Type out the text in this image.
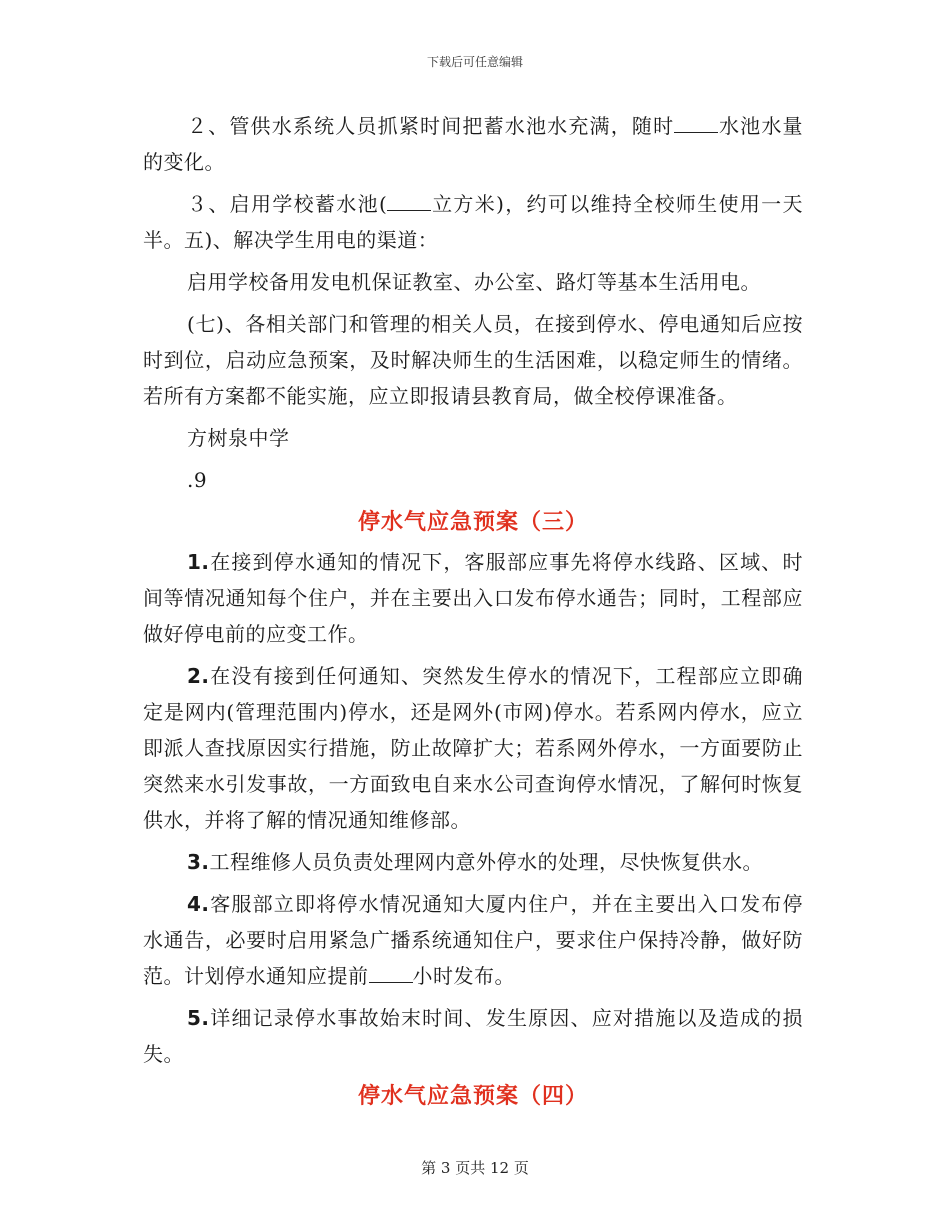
下载后可任意编辑

２、管供水系统人员抓紧时间把蓄水池水充满，随时 水池水量的变化。

３、启用学校蓄水池( 立方米)，约可以维持全校师生使用一天半。五)、解决学生用电的渠道：

启用学校备用发电机保证教室、办公室、路灯等基本生活用电。

(七)、各相关部门和管理的相关人员，在接到停水、停电通知后应按时到位，启动应急预案，及时解决师生的生活困难，以稳定师生的情绪。若所有方案都不能实施，应立即报请县教育局，做全校停课准备。

方树泉中学

.9

停水气应急预案（三）

1.在接到停水通知的情况下，客服部应事先将停水线路、区域、时间等情况通知每个住户，并在主要出入口发布停水通告；同时，工程部应做好停电前的应变工作。

2.在没有接到任何通知、突然发生停水的情况下，工程部应立即确定是网内(管理范围内)停水，还是网外(市网)停水。若系网内停水，应立即派人查找原因实行措施，防止故障扩大；若系网外停水，一方面要防止突然来水引发事故，一方面致电自来水公司查询停水情况，了解何时恢复供水，并将了解的情况通知维修部。

3.工程维修人员负责处理网内意外停水的处理，尽快恢复供水。

4.客服部立即将停水情况通知大厦内住户，并在主要出入口发布停水通告，必要时启用紧急广播系统通知住户，要求住户保持冷静，做好防范。计划停水通知应提前 小时发布。

5.详细记录停水事故始末时间、发生原因、应对措施以及造成的损失。

停水气应急预案（四）
第 3 页共 12 页
